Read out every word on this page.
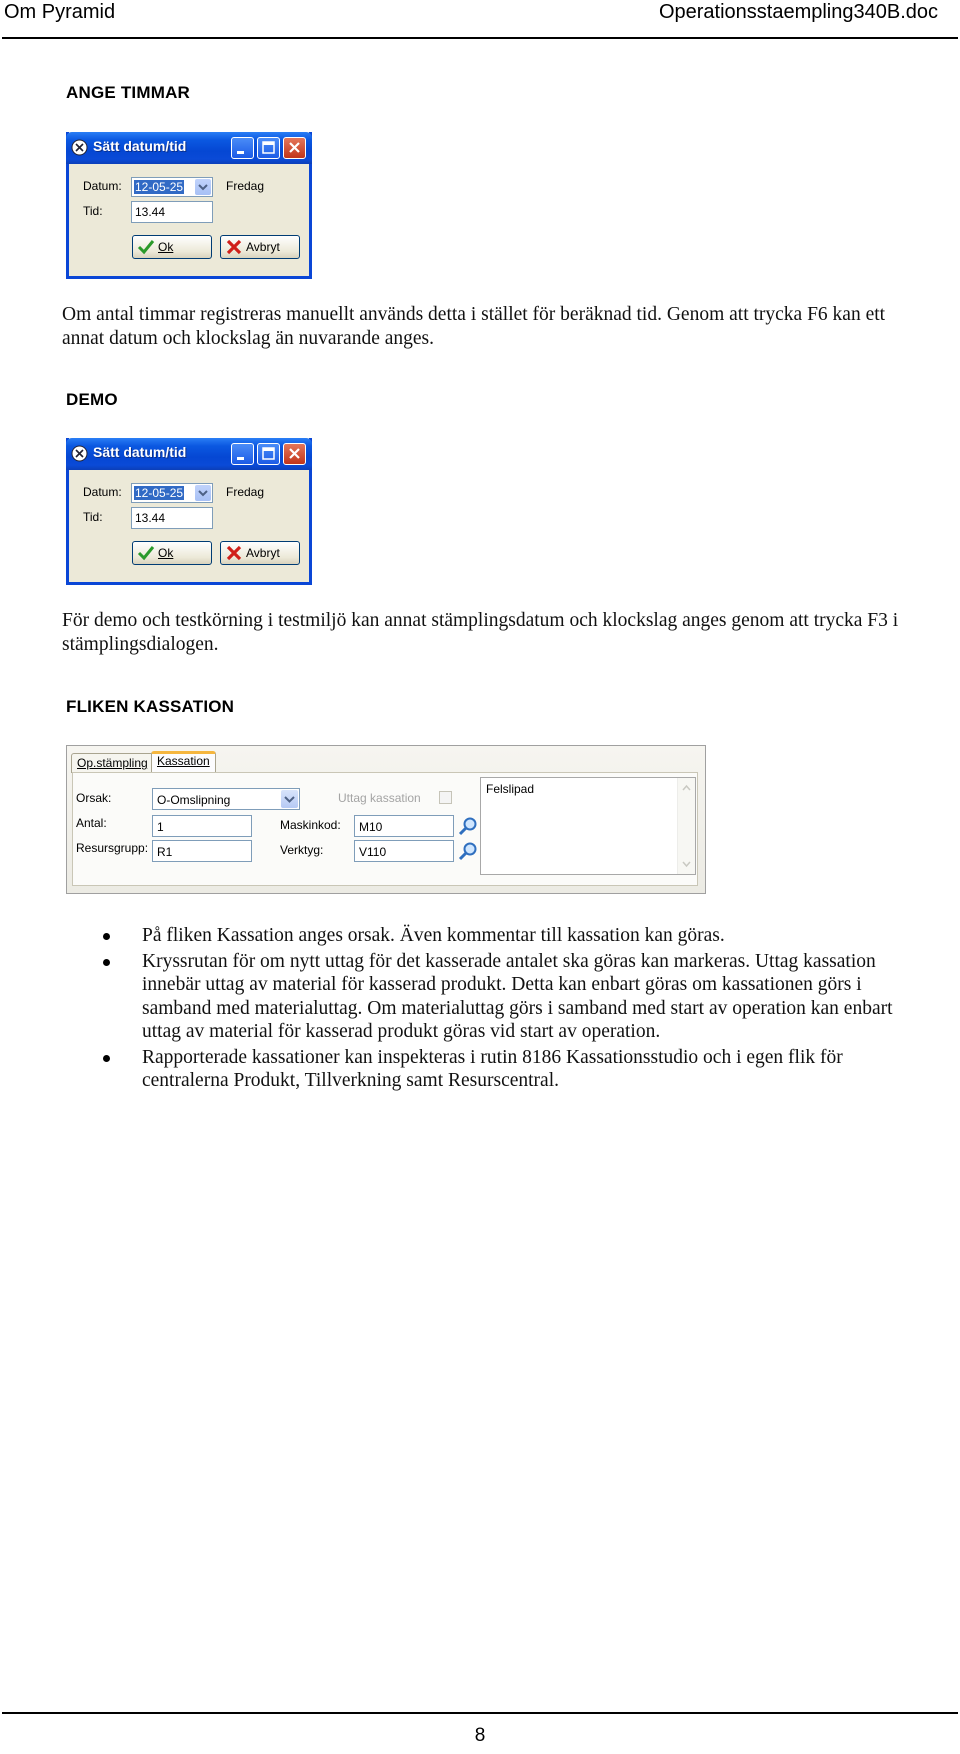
Om Pyramid	Operationsstaempling340B.doc
ANGE TIMMAR
Sätt datum/tid
Datum: 12-05-25	Fredag
Tid:	13.44
Ok	Avbryt
Om antal timmar registreras manuellt används detta i stället för beräknad tid. Genom att trycka F6 kan ett annat datum och klockslag än nuvarande anges.
DEMO
Sätt datum/tid
Datum: 12-05-25	Fredag
Tid:	13.44
Ok	Avbryt
För demo och testkörning i testmiljö kan annat stämplingsdatum och klockslag anges genom att trycka F3 i stämplingsdialogen.
FLIKEN KASSATION
Op.stämpling Kassation
Orsak:	O-Omslipning	Uttag kassation
Antal:	1	Maskinkod:	M10
Resursgrupp: R1	Verktyg:	V110
Felslipad
På fliken Kassation anges orsak. Även kommentar till kassation kan göras.
Kryssrutan för om nytt uttag för det kasserade antalet ska göras kan markeras. Uttag kassation innebär uttag av material för kasserad produkt. Detta kan enbart göras om kassationen görs i samband med materialuttag. Om materialuttag görs i samband med start av operation kan enbart uttag av material för kasserad produkt göras vid start av operation.
Rapporterade kassationer kan inspekteras i rutin 8186 Kassationsstudio och i egen flik för centralerna Produkt, Tillverkning samt Resurscentral.
8
